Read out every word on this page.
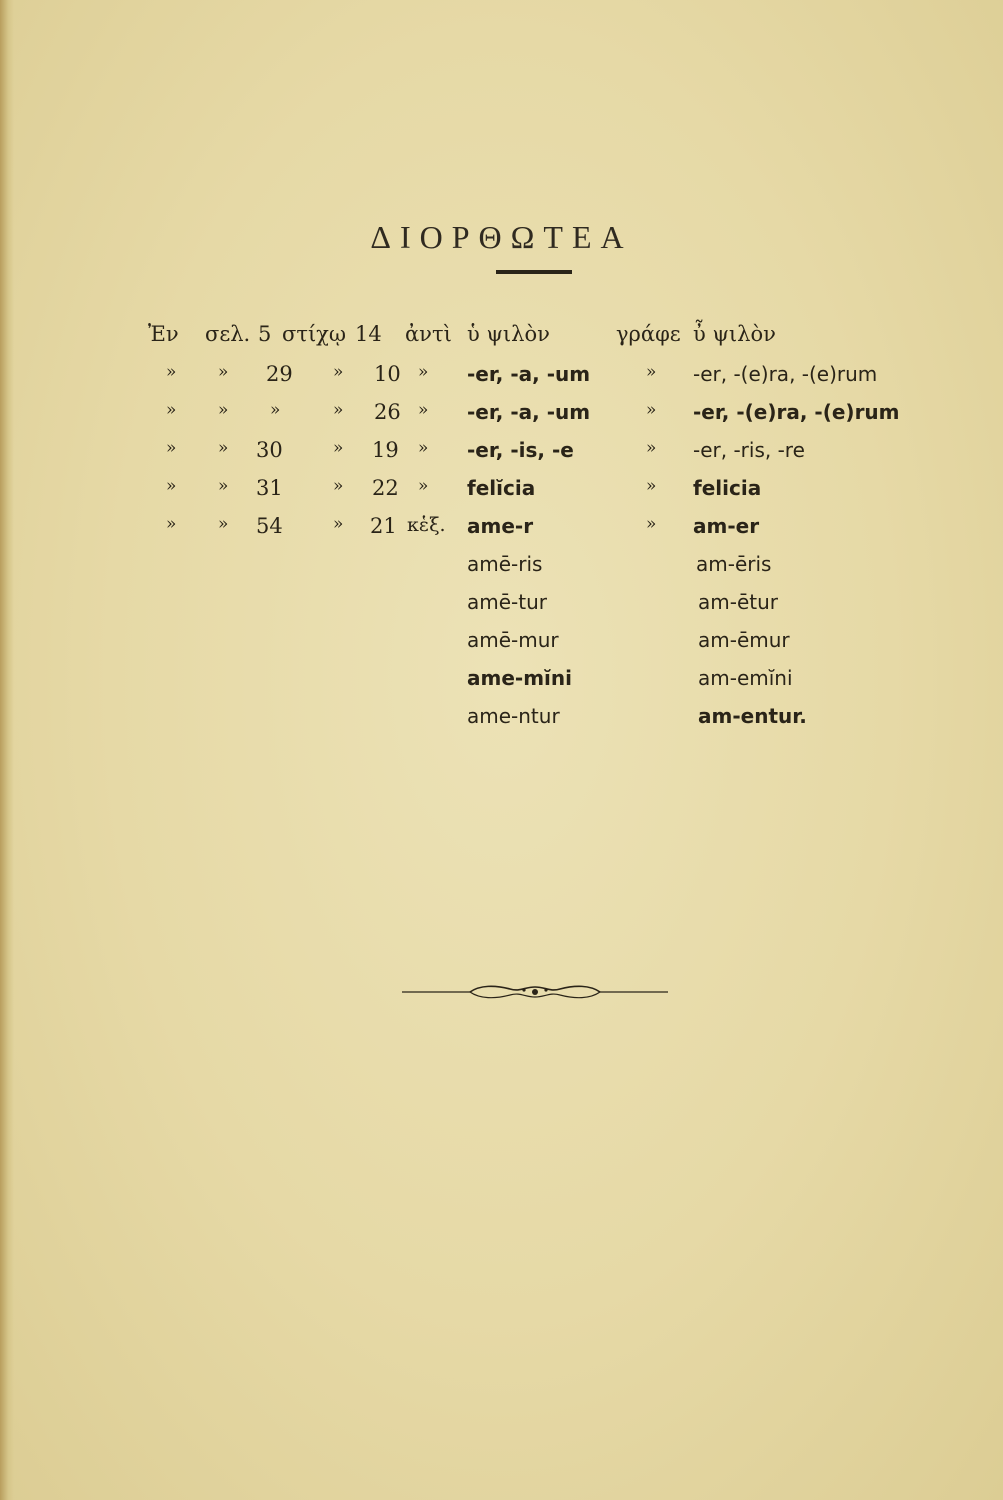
ΔΙΟΡΘΩΤΕΑ
Ἐν σελ. 5 στίχῳ 14 ἀντὶ ὑ ψιλὸν	γράφε ὖ ψιλὸν
» » 29 » 10 » -er, -a, -um	» -er, -(e)ra, -(e)rum
» » »	» 26 » -er, -a, -um	» -er, -(e)ra, -(e)rum
» » 30	» 19 » -er, -is, -e	» -er, -ris, -re
» » 31	» 22 » felĭcia	» felicia
» » 54	» 21 κἑξ. ame-r	» am-er
amē-ris	am-ēris
amē-tur	am-ētur
amē-mur	am-ēmur
ame-mĭni	am-emĭni
ame-ntur	am-entur.
